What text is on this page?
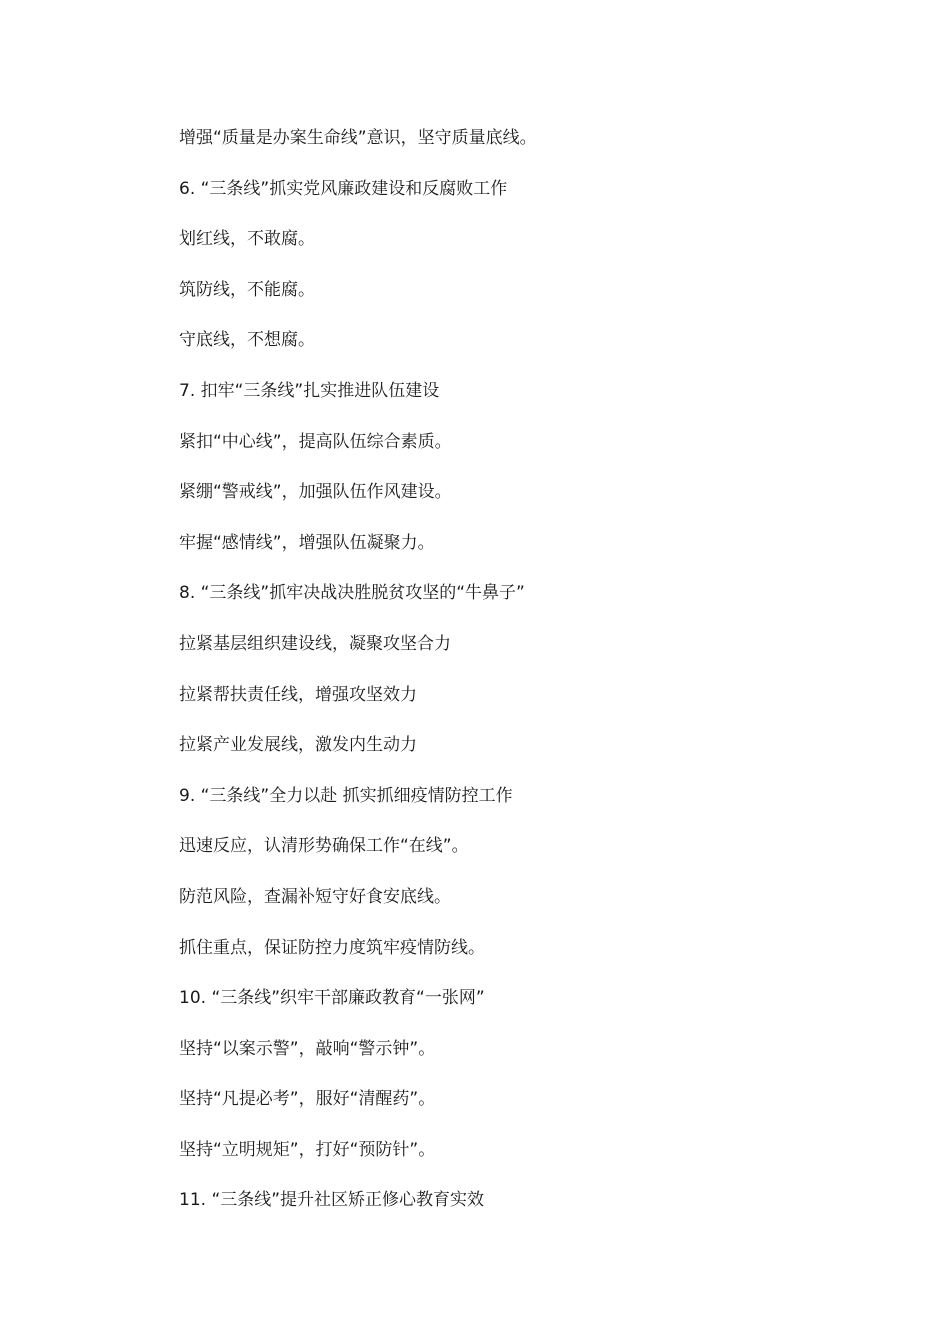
增强“质量是办案生命线”意识，坚守质量底线。
6. “三条线”抓实党风廉政建设和反腐败工作
划红线，不敢腐。
筑防线，不能腐。
守底线，不想腐。
7. 扣牢“三条线”扎实推进队伍建设
紧扣“中心线”，提高队伍综合素质。
紧绷“警戒线”，加强队伍作风建设。
牢握“感情线”，增强队伍凝聚力。
8. “三条线”抓牢决战决胜脱贫攻坚的“牛鼻子”
拉紧基层组织建设线，凝聚攻坚合力
拉紧帮扶责任线，增强攻坚效力
拉紧产业发展线，激发内生动力
9. “三条线”全力以赴 抓实抓细疫情防控工作
迅速反应，认清形势确保工作“在线”。
防范风险，查漏补短守好食安底线。
抓住重点，保证防控力度筑牢疫情防线。
10. “三条线”织牢干部廉政教育“一张网”
坚持“以案示警”，敲响“警示钟”。
坚持“凡提必考”，服好“清醒药”。
坚持“立明规矩”，打好“预防针”。
11. “三条线”提升社区矫正修心教育实效
